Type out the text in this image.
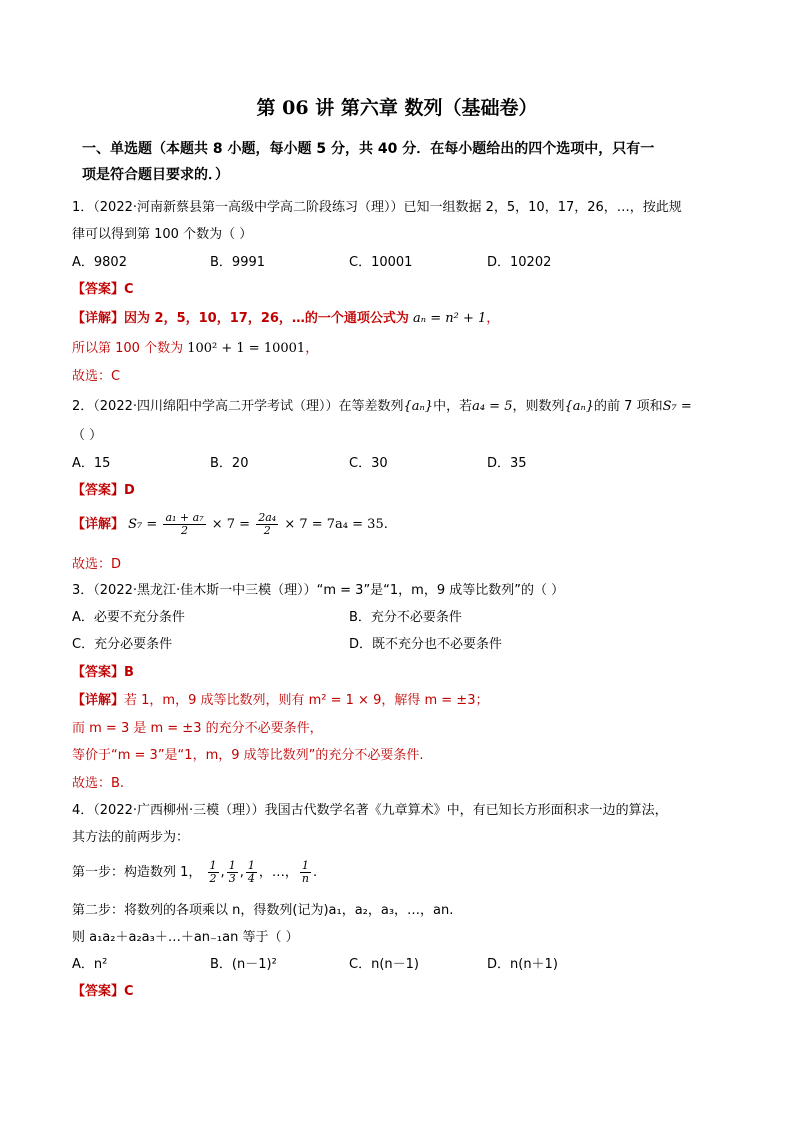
第 06 讲 第六章 数列（基础卷）
一、单选题（本题共 8 小题，每小题 5 分，共 40 分．在每小题给出的四个选项中，只有一
项是符合题目要求的．）
1．（2022·河南新蔡县第一高级中学高二阶段练习（理））已知一组数据 2，5，10，17，26，…，按此规
律可以得到第 100 个数为（ ）
A．9802	B．9991	C．10001	D．10202
【答案】C
【详解】因为 2，5，10，17，26，…的一个通项公式为 aₙ = n² + 1，
所以第 100 个数为 100² + 1 = 10001，
故选：C
2．（2022·四川绵阳中学高二开学考试（理））在等差数列{aₙ}中，若a₄ = 5，则数列{aₙ}的前 7 项和S₇ =
（ ）
A．15	B．20	C．30	D．35
【答案】D
【详解】 $S_7 = \frac{\text{a₁ + a₇}}{2} \times 7 = \frac{\text{2a₄}}{2} \times 7 = 7a_4 = 35$.
故选：D
3．（2022·黑龙江·佳木斯一中三模（理））“m = 3”是“1，m，9 成等比数列”的（ ）
A．必要不充分条件	B．充分不必要条件
C．充分必要条件	D．既不充分也不必要条件
【答案】B
【详解】若 1，m，9 成等比数列，则有 m² = 1 × 9，解得 m = ±3；
而 m = 3 是 m = ±3 的充分不必要条件，
等价于“m = 3”是“1，m，9 成等比数列”的充分不必要条件.
故选：B.
4．（2022·广西柳州·三模（理））我国古代数学名著《九章算术》中，有已知长方形面积求一边的算法，
其方法的前两步为：
第一步：构造数列 1， $\frac{1}{2}$ , $\frac{1}{3}$ , $\frac{1}{4}$ ，…， $\frac{1}{n}$ .
第二步：将数列的各项乘以 n，得数列(记为)a₁，a₂，a₃，…，an.
则 a₁a₂＋a₂a₃＋…＋an₋₁an 等于（ ）
A．n²	B．(n－1)²	C．n(n－1)	D．n(n＋1)
【答案】C
